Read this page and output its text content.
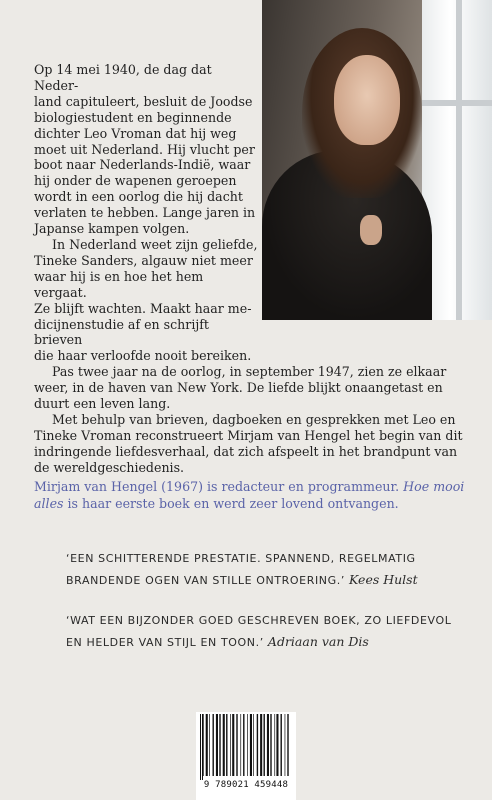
Op 14 mei 1940, de dag dat Neder-
land capituleert, besluit de Joodse
biologiestudent en beginnende
dichter Leo Vroman dat hij weg
moet uit Nederland. Hij vlucht per
boot naar Nederlands-Indië, waar
hij onder de wapenen geroepen
wordt in een oorlog die hij dacht
verlaten te hebben. Lange jaren in
Japanse kampen volgen.

In Nederland weet zijn geliefde,
Tineke Sanders, algauw niet meer
waar hij is en hoe het hem vergaat.
Ze blijft wachten. Maakt haar me-
dicijnenstudie af en schrijft brieven
die haar verloofde nooit bereiken.

Pas twee jaar na de oorlog, in september 1947, zien ze elkaar weer, in de haven van New York. De liefde blijkt onaangetast en duurt een leven lang.

Met behulp van brieven, dagboeken en gesprekken met Leo en Tineke Vroman reconstrueert Mirjam van Hengel het begin van dit indringende liefdesverhaal, dat zich afspeelt in het brandpunt van de wereldgeschiedenis.

Mirjam van Hengel (1967) is redacteur en programmeur. Hoe mooi alles is haar eerste boek en werd zeer lovend ontvangen.
‘EEN SCHITTERENDE PRESTATIE. SPANNEND, REGELMATIG BRANDENDE OGEN VAN STILLE ONTROERING.’ Kees Hulst
‘WAT EEN BIJZONDER GOED GESCHREVEN BOEK, ZO LIEFDEVOL EN HELDER VAN STIJL EN TOON.’ Adriaan van Dis
9 789021 459448
